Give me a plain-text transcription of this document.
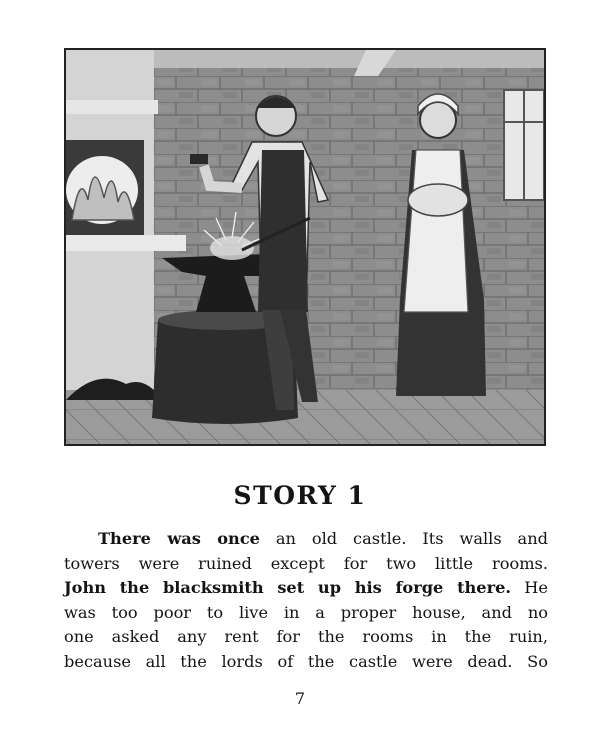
STORY 1
There was once an old castle. Its walls and
towers were ruined except for two little rooms.
John the blacksmith set up his forge there. He
was too poor to live in a proper house, and no
one asked any rent for the rooms in the ruin,
because all the lords of the castle were dead. So
7
